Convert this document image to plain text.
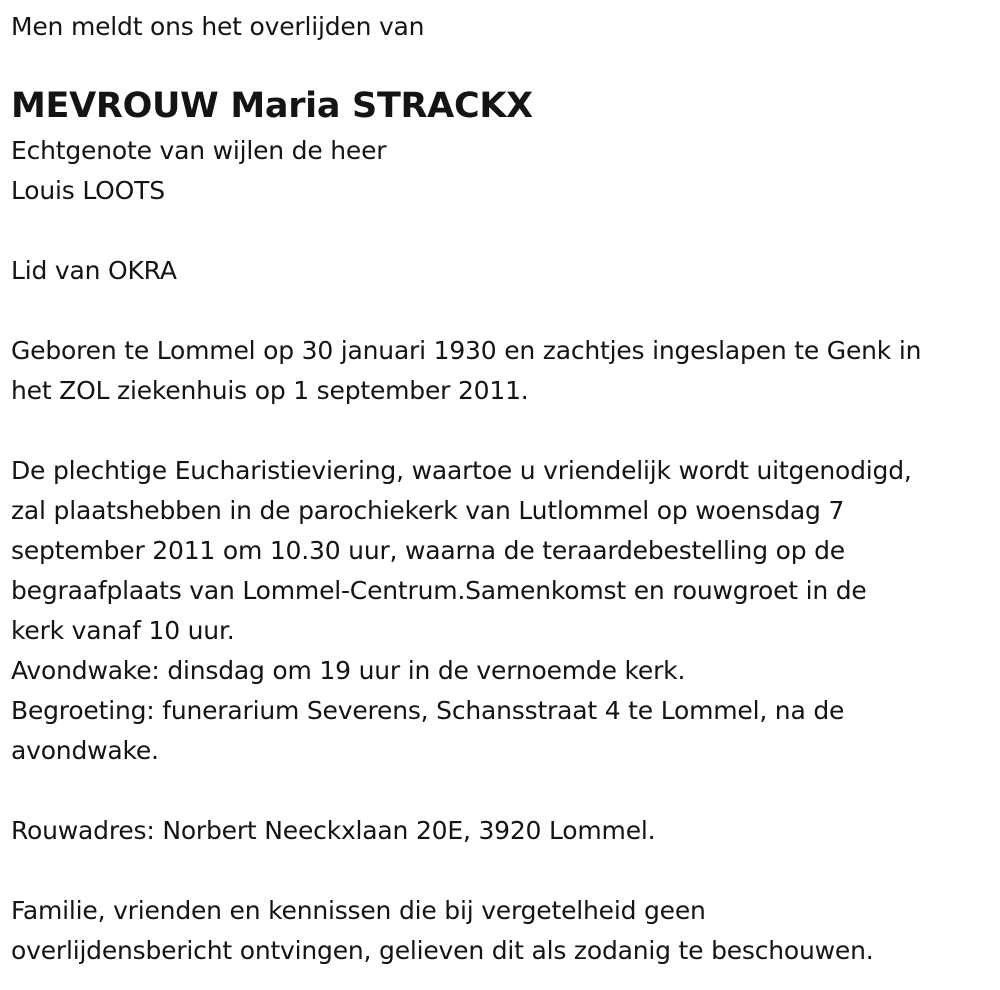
Men meldt ons het overlijden van
MEVROUW Maria STRACKX
Echtgenote van wijlen de heer
Louis LOOTS
Lid van OKRA
Geboren te Lommel op 30 januari 1930 en zachtjes ingeslapen te Genk in
het ZOL ziekenhuis op 1 september 2011.
De plechtige Eucharistieviering, waartoe u vriendelijk wordt uitgenodigd,
zal plaatshebben in de parochiekerk van Lutlommel op woensdag 7
september 2011 om 10.30 uur, waarna de teraardebestelling op de
begraafplaats van Lommel-Centrum.Samenkomst en rouwgroet in de
kerk vanaf 10 uur.
Avondwake: dinsdag om 19 uur in de vernoemde kerk.
Begroeting: funerarium Severens, Schansstraat 4 te Lommel, na de
avondwake.
Rouwadres: Norbert Neeckxlaan 20E, 3920 Lommel.
Familie, vrienden en kennissen die bij vergetelheid geen
overlijdensbericht ontvingen, gelieven dit als zodanig te beschouwen.
